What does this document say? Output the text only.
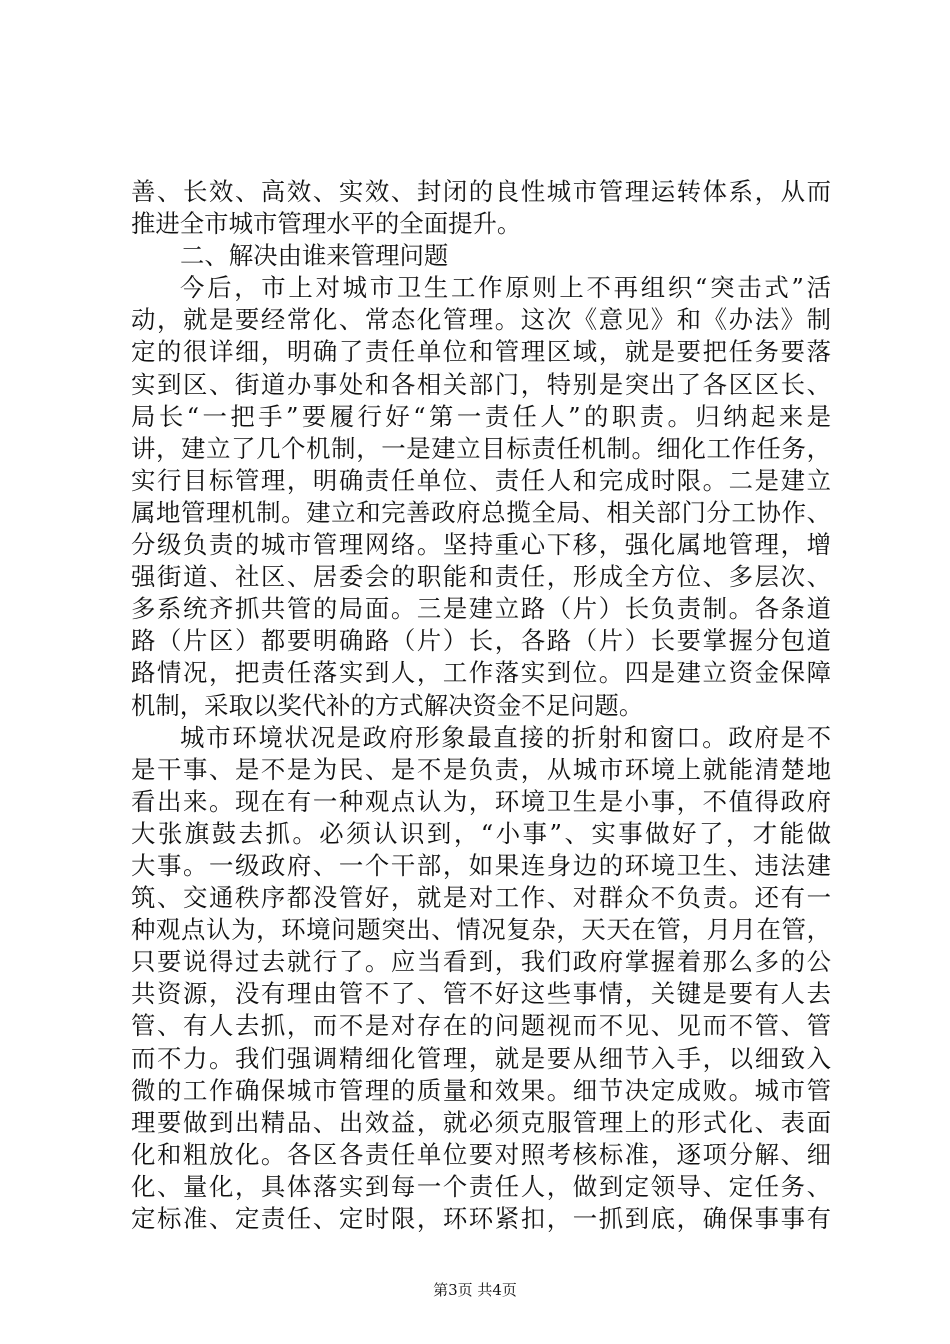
善、长效、高效、实效、封闭的良性城市管理运转体系，从而
推进全市城市管理水平的全面提升。
二、解决由谁来管理问题
今后，市上对城市卫生工作原则上不再组织“突击式”活
动，就是要经常化、常态化管理。这次《意见》和《办法》制
定的很详细，明确了责任单位和管理区域，就是要把任务要落
实到区、街道办事处和各相关部门，特别是突出了各区区长、
局长“一把手”要履行好“第一责任人”的职责。归纳起来是
讲，建立了几个机制，一是建立目标责任机制。细化工作任务，
实行目标管理，明确责任单位、责任人和完成时限。二是建立
属地管理机制。建立和完善政府总揽全局、相关部门分工协作、
分级负责的城市管理网络。坚持重心下移，强化属地管理，增
强街道、社区、居委会的职能和责任，形成全方位、多层次、
多系统齐抓共管的局面。三是建立路（片）长负责制。各条道
路（片区）都要明确路（片）长，各路（片）长要掌握分包道
路情况，把责任落实到人，工作落实到位。四是建立资金保障
机制，采取以奖代补的方式解决资金不足问题。
城市环境状况是政府形象最直接的折射和窗口。政府是不
是干事、是不是为民、是不是负责，从城市环境上就能清楚地
看出来。现在有一种观点认为，环境卫生是小事，不值得政府
大张旗鼓去抓。必须认识到，“小事”、实事做好了，才能做
大事。一级政府、一个干部，如果连身边的环境卫生、违法建
筑、交通秩序都没管好，就是对工作、对群众不负责。还有一
种观点认为，环境问题突出、情况复杂，天天在管，月月在管，
只要说得过去就行了。应当看到，我们政府掌握着那么多的公
共资源，没有理由管不了、管不好这些事情，关键是要有人去
管、有人去抓，而不是对存在的问题视而不见、见而不管、管
而不力。我们强调精细化管理，就是要从细节入手，以细致入
微的工作确保城市管理的质量和效果。细节决定成败。城市管
理要做到出精品、出效益，就必须克服管理上的形式化、表面
化和粗放化。各区各责任单位要对照考核标准，逐项分解、细
化、量化，具体落实到每一个责任人，做到定领导、定任务、
定标准、定责任、定时限，环环紧扣，一抓到底，确保事事有
第3页 共4页
